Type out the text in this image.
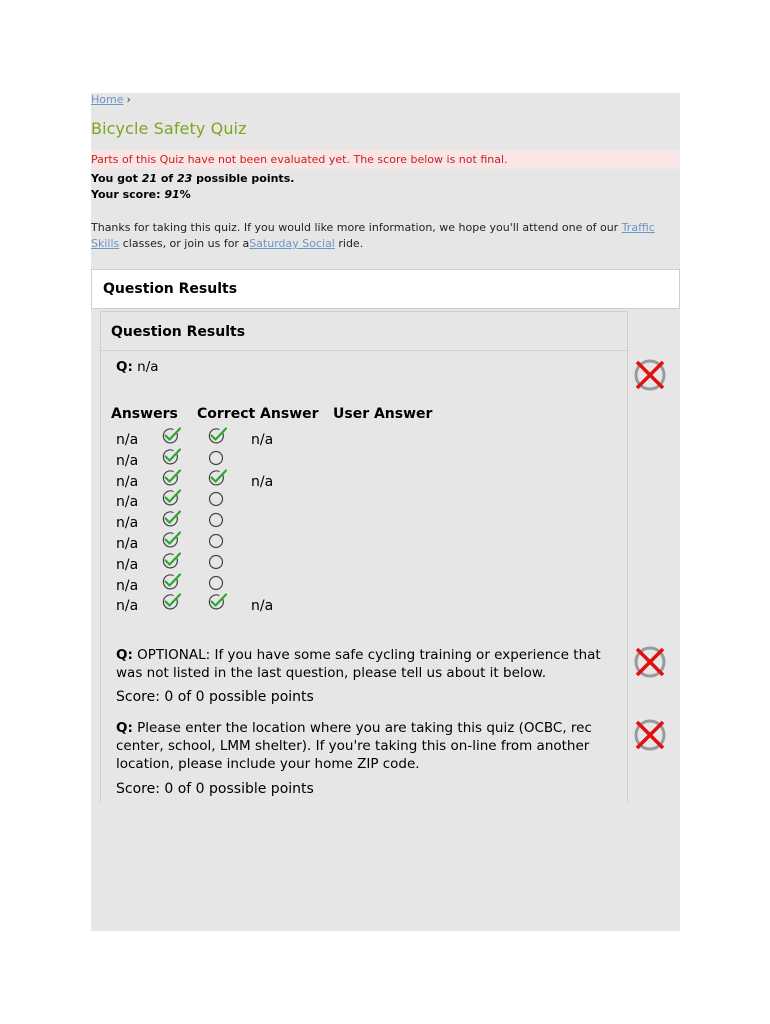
Home ›
Bicycle Safety Quiz
Parts of this Quiz have not been evaluated yet. The score below is not final.
You got 21 of 23 possible points.
Your score: 91%
Thanks for taking this quiz. If you would like more information, we hope you'll attend one of our Traffic Skills classes, or join us for aSaturday Social ride.
Question Results
Question Results
Q: n/a
Answers Correct Answer User Answer
n/a	n/a
n/a
n/a	n/a
n/a
n/a
n/a
n/a
n/a
n/a	n/a
Q: OPTIONAL: If you have some safe cycling training or experience that was not listed in the last question, please tell us about it below.
Score: 0 of 0 possible points
Q: Please enter the location where you are taking this quiz (OCBC, rec center, school, LMM shelter). If you're taking this on-line from another location, please include your home ZIP code.
Score: 0 of 0 possible points
